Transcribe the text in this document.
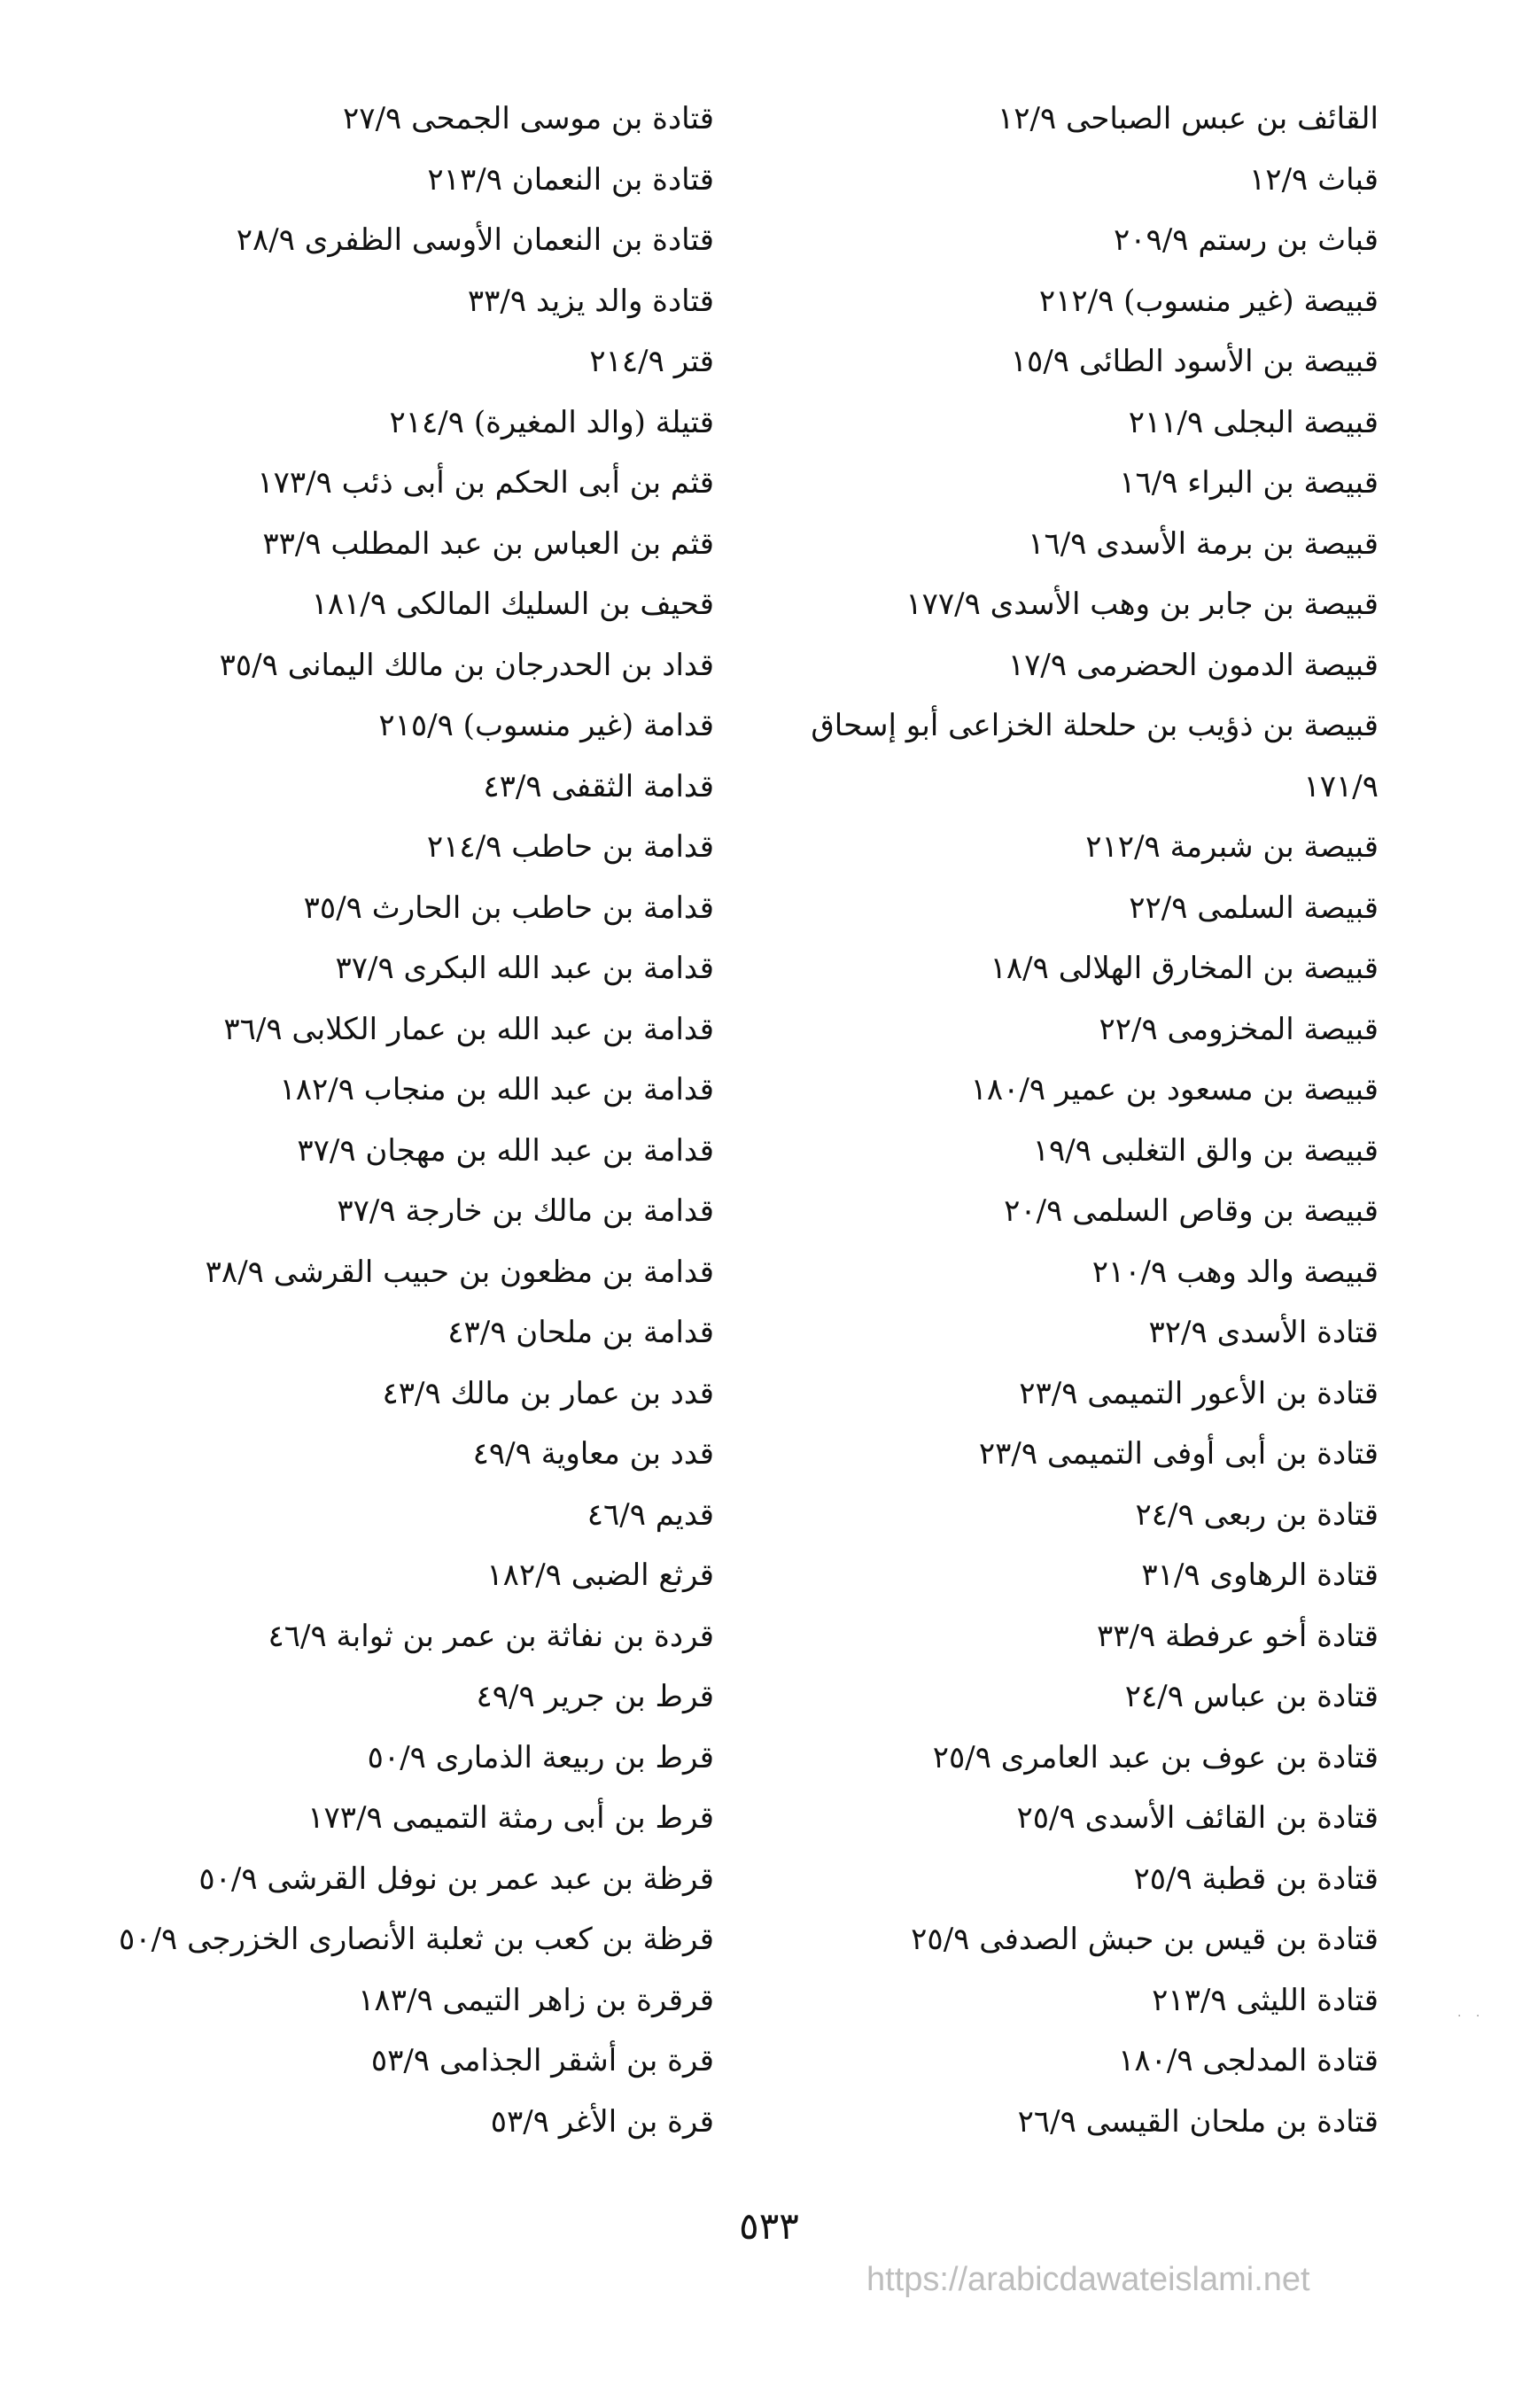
القائف بن عبس الصباحى ٩/‏١٢
قباث ٩/‏١٢
قباث بن رستم ٩/‏٢٠٩
قبيصة (غير منسوب) ٩/‏٢١٢
قبيصة بن الأسود الطائى ٩/‏١٥
قبيصة البجلى ٩/‏٢١١
قبيصة بن البراء ٩/‏١٦
قبيصة بن برمة الأسدى ٩/‏١٦
قبيصة بن جابر بن وهب الأسدى ٩/‏١٧٧
قبيصة الدمون الحضرمى ٩/‏١٧
قبيصة بن ذؤيب بن حلحلة الخزاعى أبو إسحاق ٩/‏١٧١
قبيصة بن شبرمة ٩/‏٢١٢
قبيصة السلمى ٩/‏٢٢
قبيصة بن المخارق الهلالى ٩/‏١٨
قبيصة المخزومى ٩/‏٢٢
قبيصة بن مسعود بن عمير ٩/‏١٨٠
قبيصة بن والق التغلبى ٩/‏١٩
قبيصة بن وقاص السلمى ٩/‏٢٠
قبيصة والد وهب ٩/‏٢١٠
قتادة الأسدى ٩/‏٣٢
قتادة بن الأعور التميمى ٩/‏٢٣
قتادة بن أبى أوفى التميمى ٩/‏٢٣
قتادة بن ربعى ٩/‏٢٤
قتادة الرهاوى ٩/‏٣١
قتادة أخو عرفطة ٩/‏٣٣
قتادة بن عباس ٩/‏٢٤
قتادة بن عوف بن عبد العامرى ٩/‏٢٥
قتادة بن القائف الأسدى ٩/‏٢٥
قتادة بن قطبة ٩/‏٢٥
قتادة بن قيس بن حبش الصدفى ٩/‏٢٥
قتادة الليثى ٩/‏٢١٣
قتادة المدلجى ٩/‏١٨٠
قتادة بن ملحان القيسى ٩/‏٢٦
قتادة بن موسى الجمحى ٩/‏٢٧
قتادة بن النعمان ٩/‏٢١٣
قتادة بن النعمان الأوسى الظفرى ٩/‏٢٨
قتادة والد يزيد ٩/‏٣٣
قتر ٩/‏٢١٤
قتيلة (والد المغيرة) ٩/‏٢١٤
قثم بن أبى الحكم بن أبى ذئب ٩/‏١٧٣
قثم بن العباس بن عبد المطلب ٩/‏٣٣
قحيف بن السليك المالكى ٩/‏١٨١
قداد بن الحدرجان بن مالك اليمانى ٩/‏٣٥
قدامة (غير منسوب) ٩/‏٢١٥
قدامة الثقفى ٩/‏٤٣
قدامة بن حاطب ٩/‏٢١٤
قدامة بن حاطب بن الحارث ٩/‏٣٥
قدامة بن عبد الله البكرى ٩/‏٣٧
قدامة بن عبد الله بن عمار الكلابى ٩/‏٣٦
قدامة بن عبد الله بن منجاب ٩/‏١٨٢
قدامة بن عبد الله بن مهجان ٩/‏٣٧
قدامة بن مالك بن خارجة ٩/‏٣٧
قدامة بن مظعون بن حبيب القرشى ٩/‏٣٨
قدامة بن ملحان ٩/‏٤٣
قدد بن عمار بن مالك ٩/‏٤٣
قدد بن معاوية ٩/‏٤٩
قديم ٩/‏٤٦
قرثع الضبى ٩/‏١٨٢
قردة بن نفاثة بن عمر بن ثوابة ٩/‏٤٦
قرط بن جرير ٩/‏٤٩
قرط بن ربيعة الذمارى ٩/‏٥٠
قرط بن أبى رمثة التميمى ٩/‏١٧٣
قرظة بن عبد عمر بن نوفل القرشى ٩/‏٥٠
قرظة بن كعب بن ثعلبة الأنصارى الخزرجى ٩/‏٥٠
قرقرة بن زاهر التيمى ٩/‏١٨٣
قرة بن أشقر الجذامى ٩/‏٥٣
قرة بن الأغر ٩/‏٥٣
٥٣٣
https://arabicdawateislami.net
· ·
